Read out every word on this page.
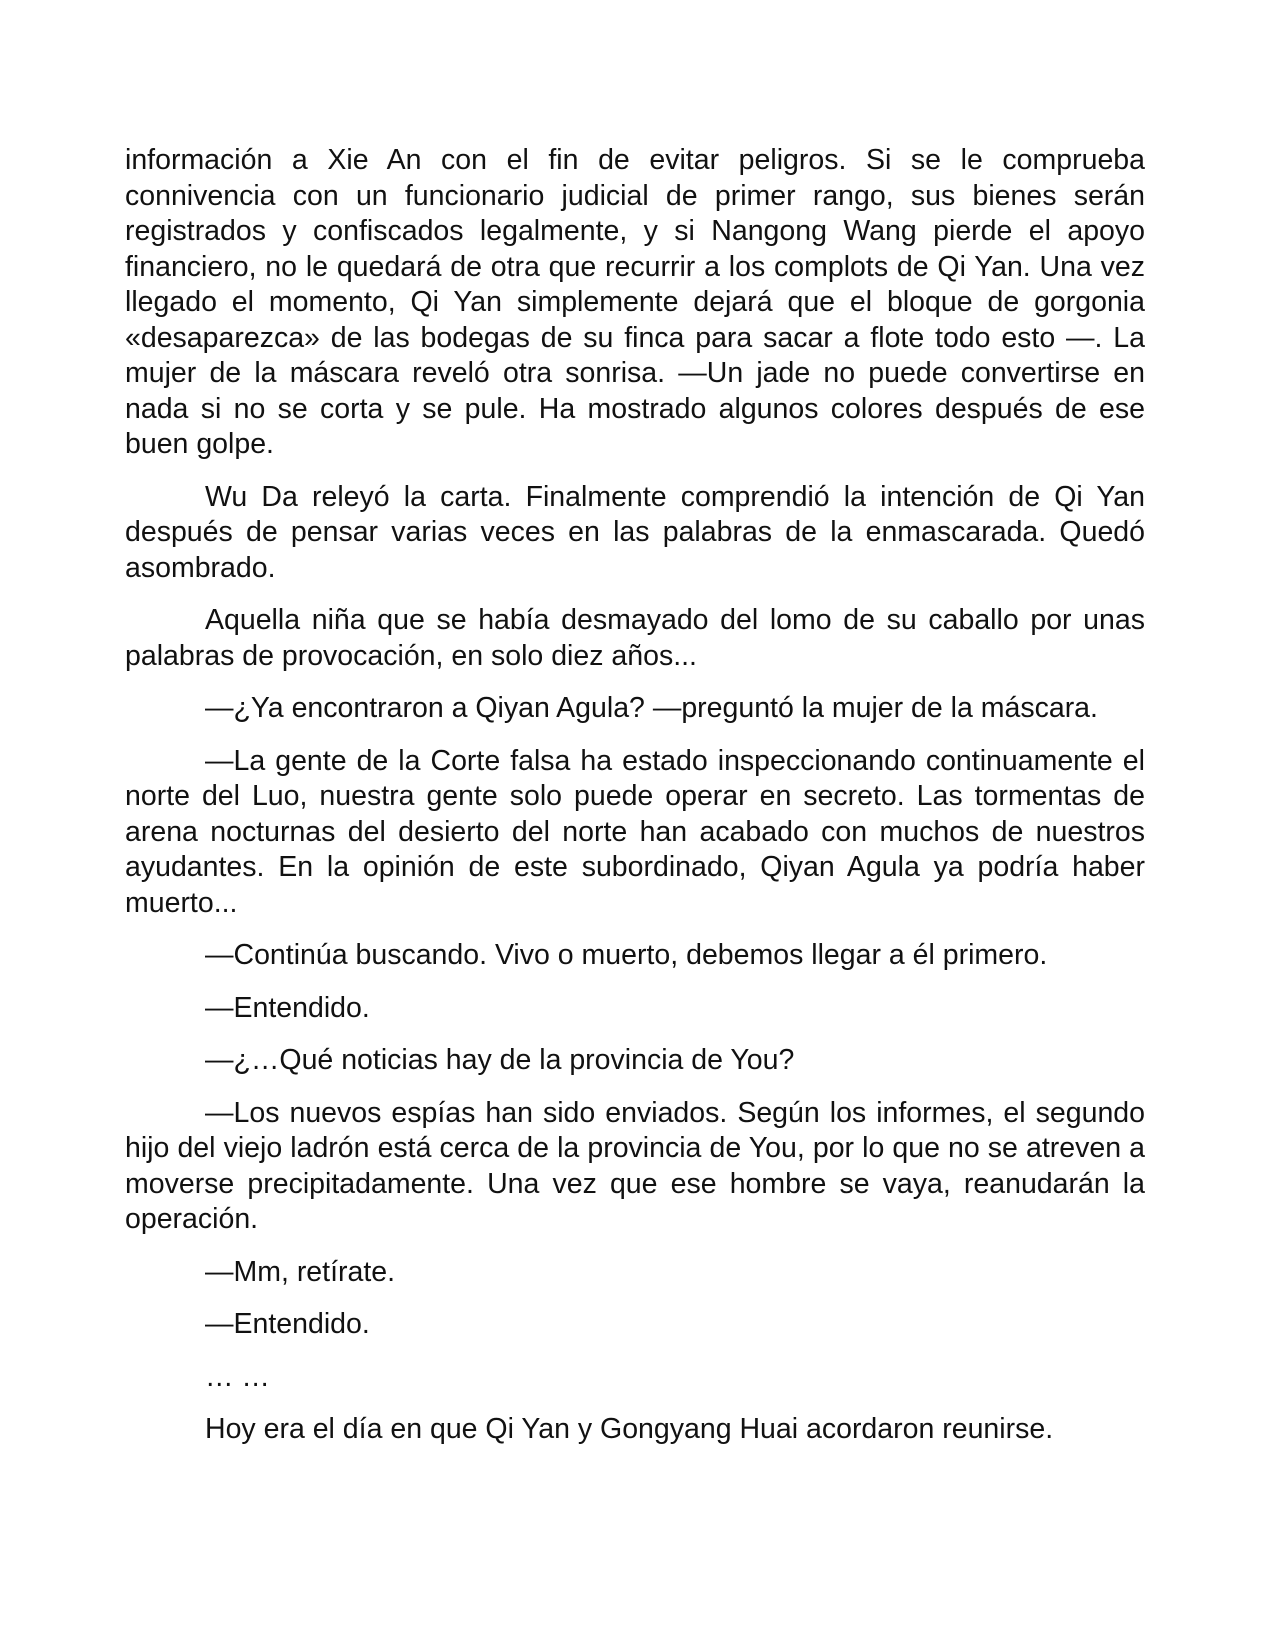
información a Xie An con el fin de evitar peligros. Si se le comprueba connivencia con un funcionario judicial de primer rango, sus bienes serán registrados y confiscados legalmente, y si Nangong Wang pierde el apoyo financiero, no le quedará de otra que recurrir a los complots de Qi Yan. Una vez llegado el momento, Qi Yan simplemente dejará que el bloque de gorgonia «desaparezca» de las bodegas de su finca para sacar a flote todo esto —. La mujer de la máscara reveló otra sonrisa. —Un jade no puede convertirse en nada si no se corta y se pule. Ha mostrado algunos colores después de ese buen golpe.

Wu Da releyó la carta. Finalmente comprendió la intención de Qi Yan después de pensar varias veces en las palabras de la enmascarada. Quedó asombrado.

Aquella niña que se había desmayado del lomo de su caballo por unas palabras de provocación, en solo diez años...

—¿Ya encontraron a Qiyan Agula? —preguntó la mujer de la máscara.

—La gente de la Corte falsa ha estado inspeccionando continuamente el norte del Luo, nuestra gente solo puede operar en secreto. Las tormentas de arena nocturnas del desierto del norte han acabado con muchos de nuestros ayudantes. En la opinión de este subordinado, Qiyan Agula ya podría haber muerto...

—Continúa buscando. Vivo o muerto, debemos llegar a él primero.

—Entendido.

—¿…Qué noticias hay de la provincia de You?

—Los nuevos espías han sido enviados. Según los informes, el segundo hijo del viejo ladrón está cerca de la provincia de You, por lo que no se atreven a moverse precipitadamente. Una vez que ese hombre se vaya, reanudarán la operación.

—Mm, retírate.

—Entendido.

… …

Hoy era el día en que Qi Yan y Gongyang Huai acordaron reunirse.
